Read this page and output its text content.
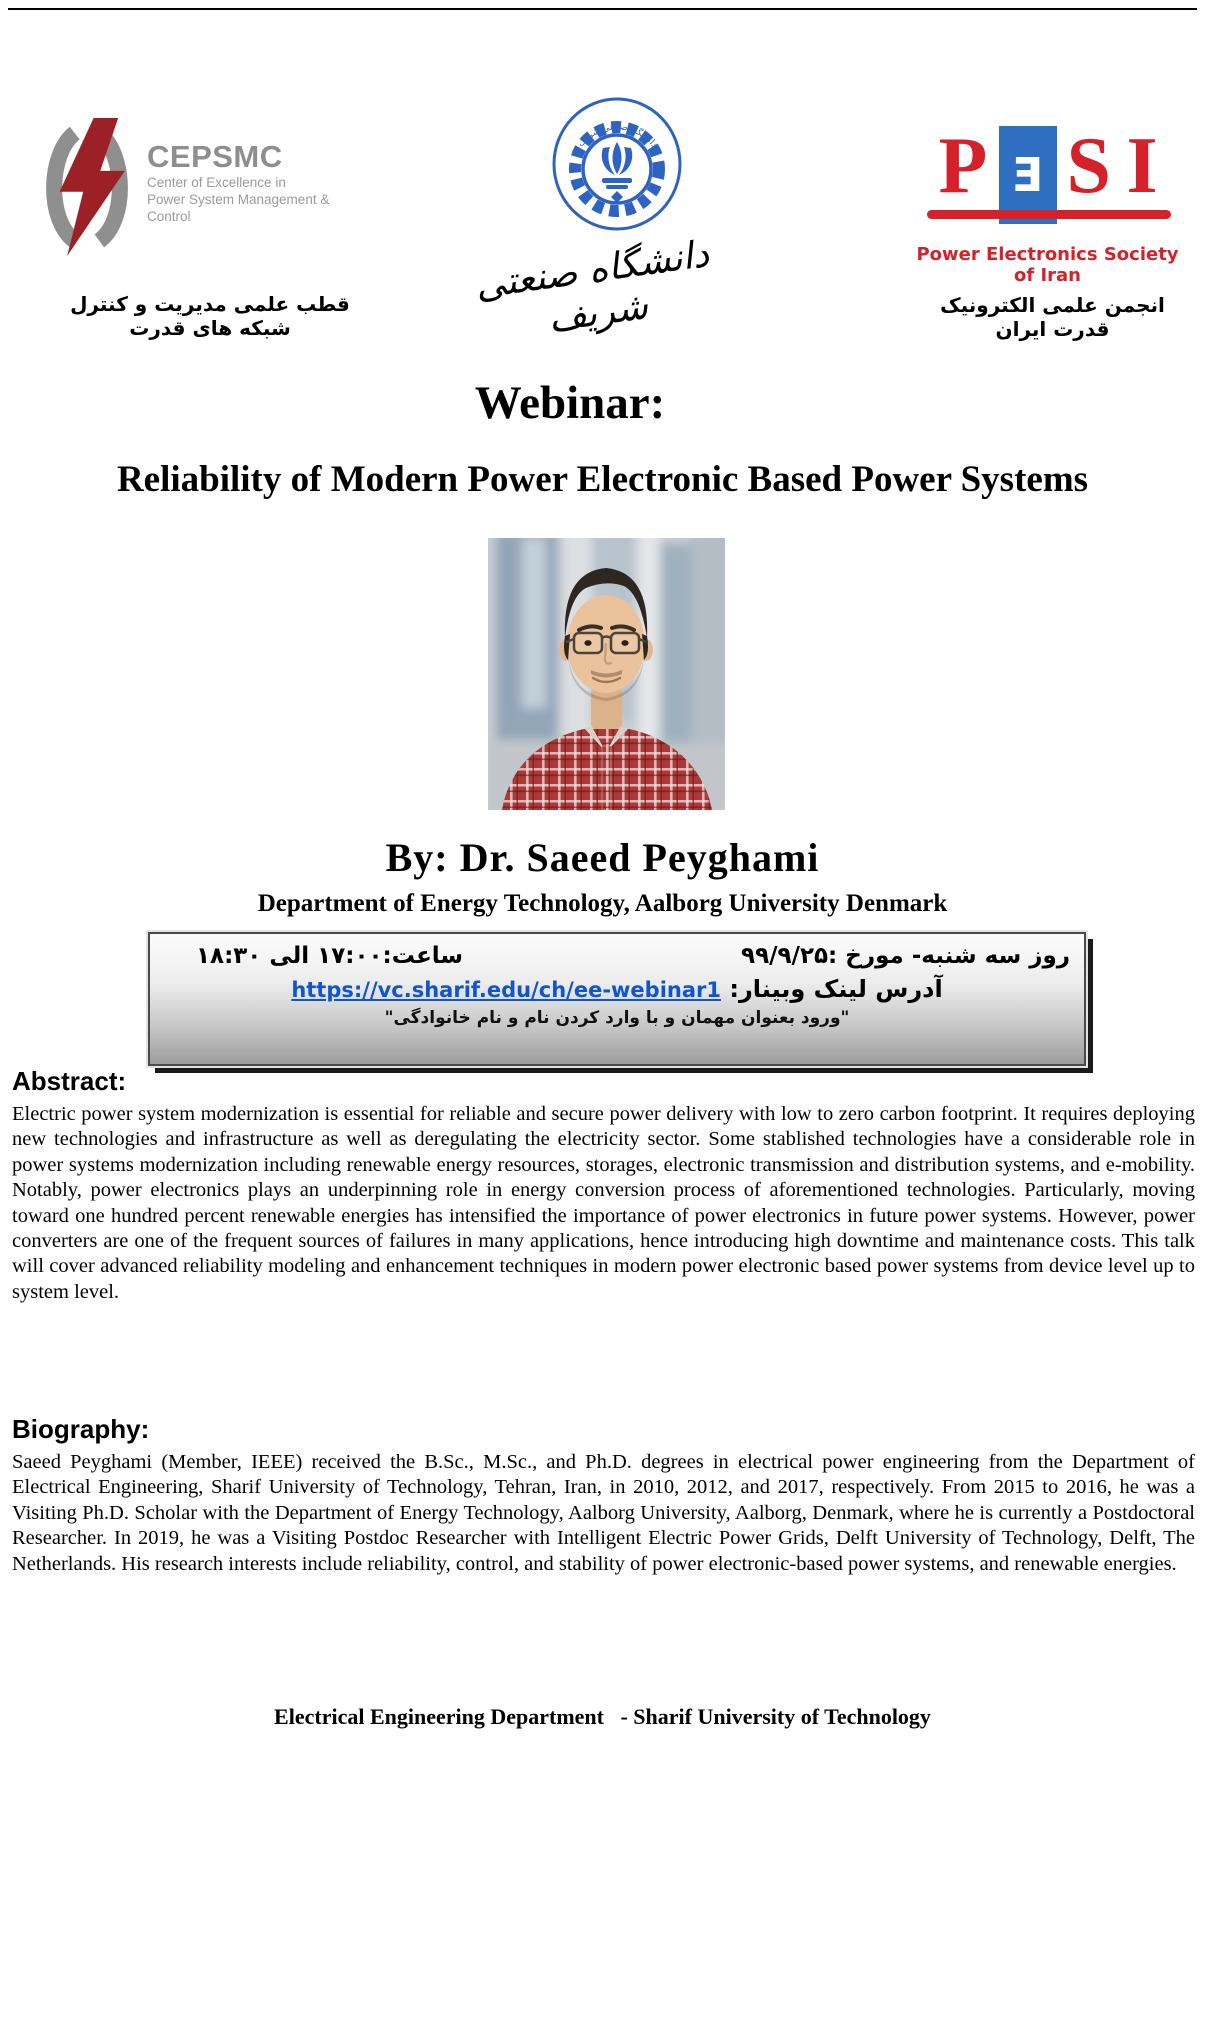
CEPSMC
Center of Excellence in
Power System Management & Control
دانشگاه صنعتی شریف	P E S I
Power Electronics Society of Iran
قطب علمی مدیریت و کنترل شبکه های قدرت
دانشگاه صنعتی شریف	انجمن علمی الکترونیک قدرت ایران
Webinar:
Reliability of Modern Power Electronic Based Power Systems
By: Dr. Saeed Peyghami
Department of Energy Technology, Aalborg University Denmark
روز سه شنبه- مورخ :۹۹/۹/۲۵
ساعت:۱۷:۰۰ الی ۱۸:۳۰
آدرس لینک وبینار: https://vc.sharif.edu/ch/ee-webinar1
"ورود بعنوان مهمان و با وارد کردن نام و نام خانوادگی"
Abstract:
Electric power system modernization is essential for reliable and secure power delivery with low to zero carbon footprint. It requires deploying new technologies and infrastructure as well as deregulating the electricity sector. Some stablished technologies have a considerable role in power systems modernization including renewable energy resources, storages, electronic transmission and distribution systems, and e-mobility. Notably, power electronics plays an underpinning role in energy conversion process of aforementioned technologies. Particularly, moving toward one hundred percent renewable energies has intensified the importance of power electronics in future power systems. However, power converters are one of the frequent sources of failures in many applications, hence introducing high downtime and maintenance costs. This talk will cover advanced reliability modeling and enhancement techniques in modern power electronic based power systems from device level up to system level.
Biography:
Saeed Peyghami (Member, IEEE) received the B.Sc., M.Sc., and Ph.D. degrees in electrical power engineering from the Department of Electrical Engineering, Sharif University of Technology, Tehran, Iran, in 2010, 2012, and 2017, respectively. From 2015 to 2016, he was a Visiting Ph.D. Scholar with the Department of Energy Technology, Aalborg University, Aalborg, Denmark, where he is currently a Postdoctoral Researcher. In 2019, he was a Visiting Postdoc Researcher with Intelligent Electric Power Grids, Delft University of Technology, Delft, The Netherlands. His research interests include reliability, control, and stability of power electronic-based power systems, and renewable energies.
Electrical Engineering Department   - Sharif University of Technology
